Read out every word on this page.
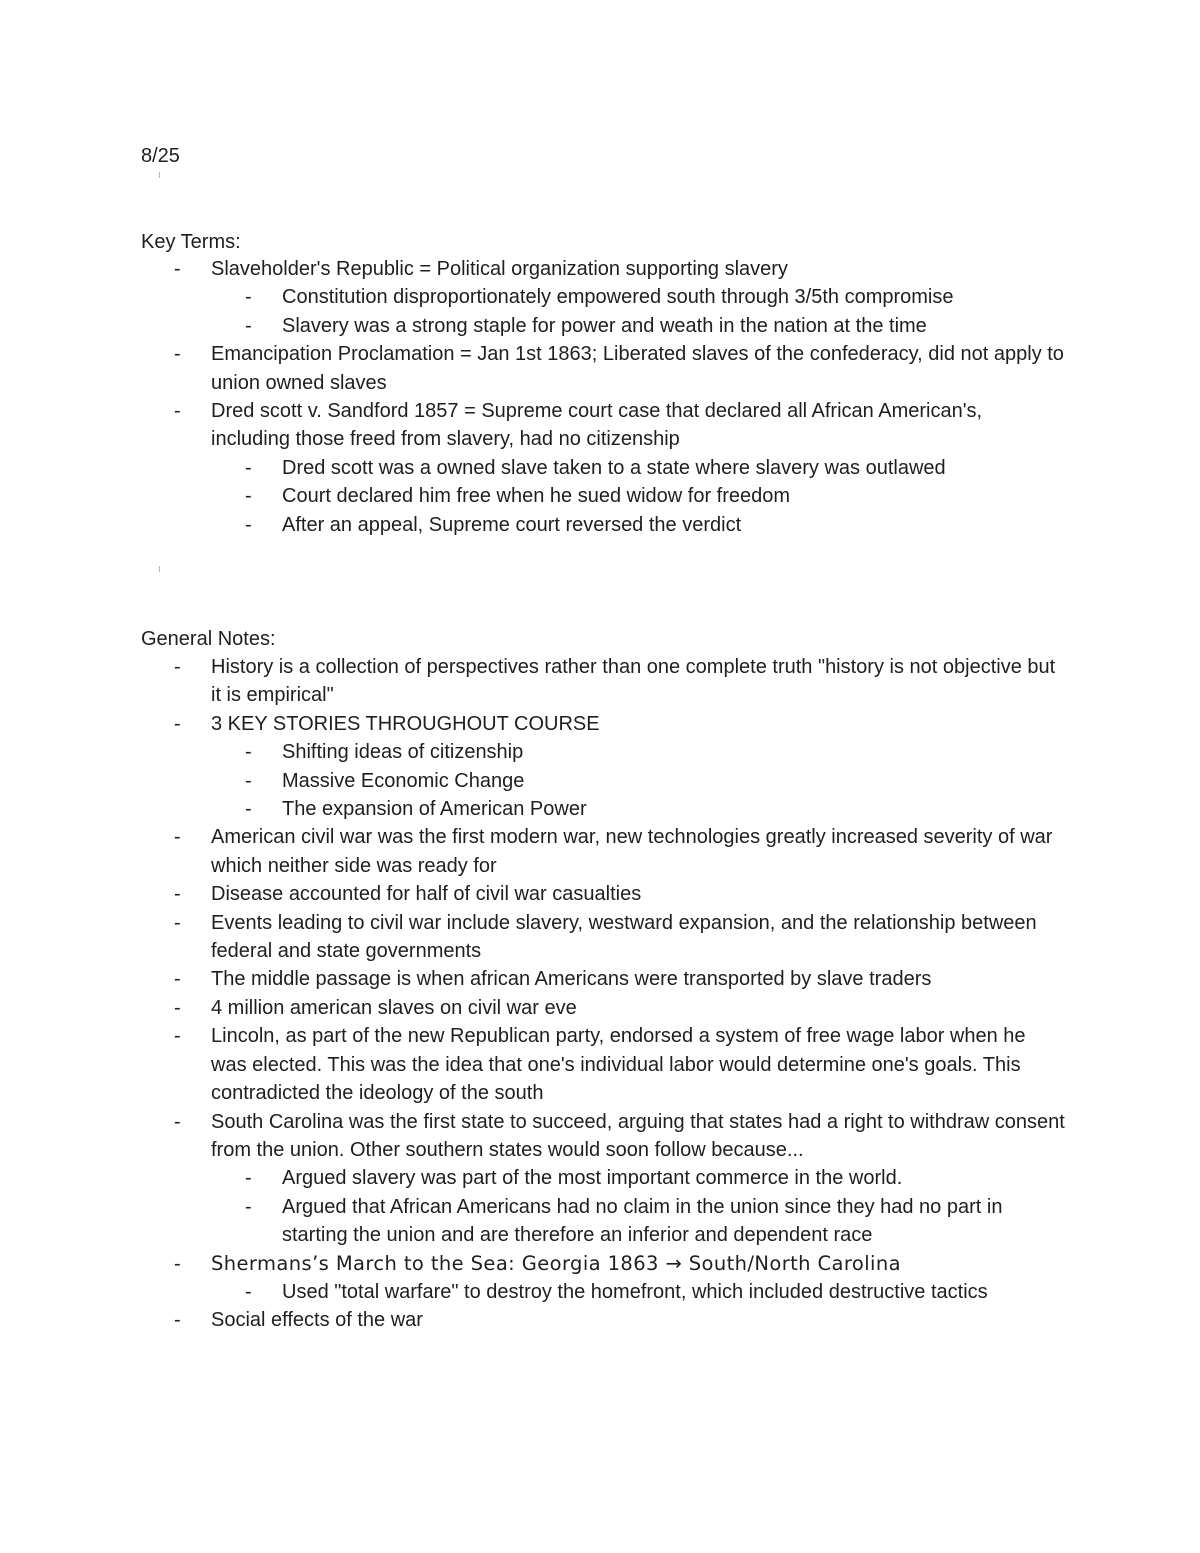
8/25
Key Terms:
-	Slaveholder's Republic = Political organization supporting slavery
-	Constitution disproportionately empowered south through 3/5th compromise
-	Slavery was a strong staple for power and weath in the nation at the time
-	Emancipation Proclamation = Jan 1st 1863; Liberated slaves of the confederacy, did not apply to union owned slaves
-	Dred scott v. Sandford 1857 = Supreme court case that declared all African American's, including those freed from slavery, had no citizenship
-	Dred scott was a owned slave taken to a state where slavery was outlawed
-	Court declared him free when he sued widow for freedom
-	After an appeal, Supreme court reversed the verdict
General Notes:
-	History is a collection of perspectives rather than one complete truth "history is not objective but it is empirical"
-	3 KEY STORIES THROUGHOUT COURSE
-	Shifting ideas of citizenship
-	Massive Economic Change
-	The expansion of American Power
-	American civil war was the first modern war, new technologies greatly increased severity of war which neither side was ready for
-	Disease accounted for half of civil war casualties
-	Events leading to civil war include slavery, westward expansion, and the relationship between federal and state governments
-	The middle passage is when african Americans were transported by slave traders
-	4 million american slaves on civil war eve
-	Lincoln, as part of the new Republican party, endorsed a system of free wage labor when he was elected. This was the idea that one's individual labor would determine one's goals. This contradicted the ideology of the south
-	South Carolina was the first state to succeed, arguing that states had a right to withdraw consent from the union. Other southern states would soon follow because...
-	Argued slavery was part of the most important commerce in the world.
-	Argued that African Americans had no claim in the union since they had no part in starting the union and are therefore an inferior and dependent race
-	Shermans’s March to the Sea: Georgia 1863 → South/North Carolina
-	Used "total warfare" to destroy the homefront, which included destructive tactics
-	Social effects of the war
